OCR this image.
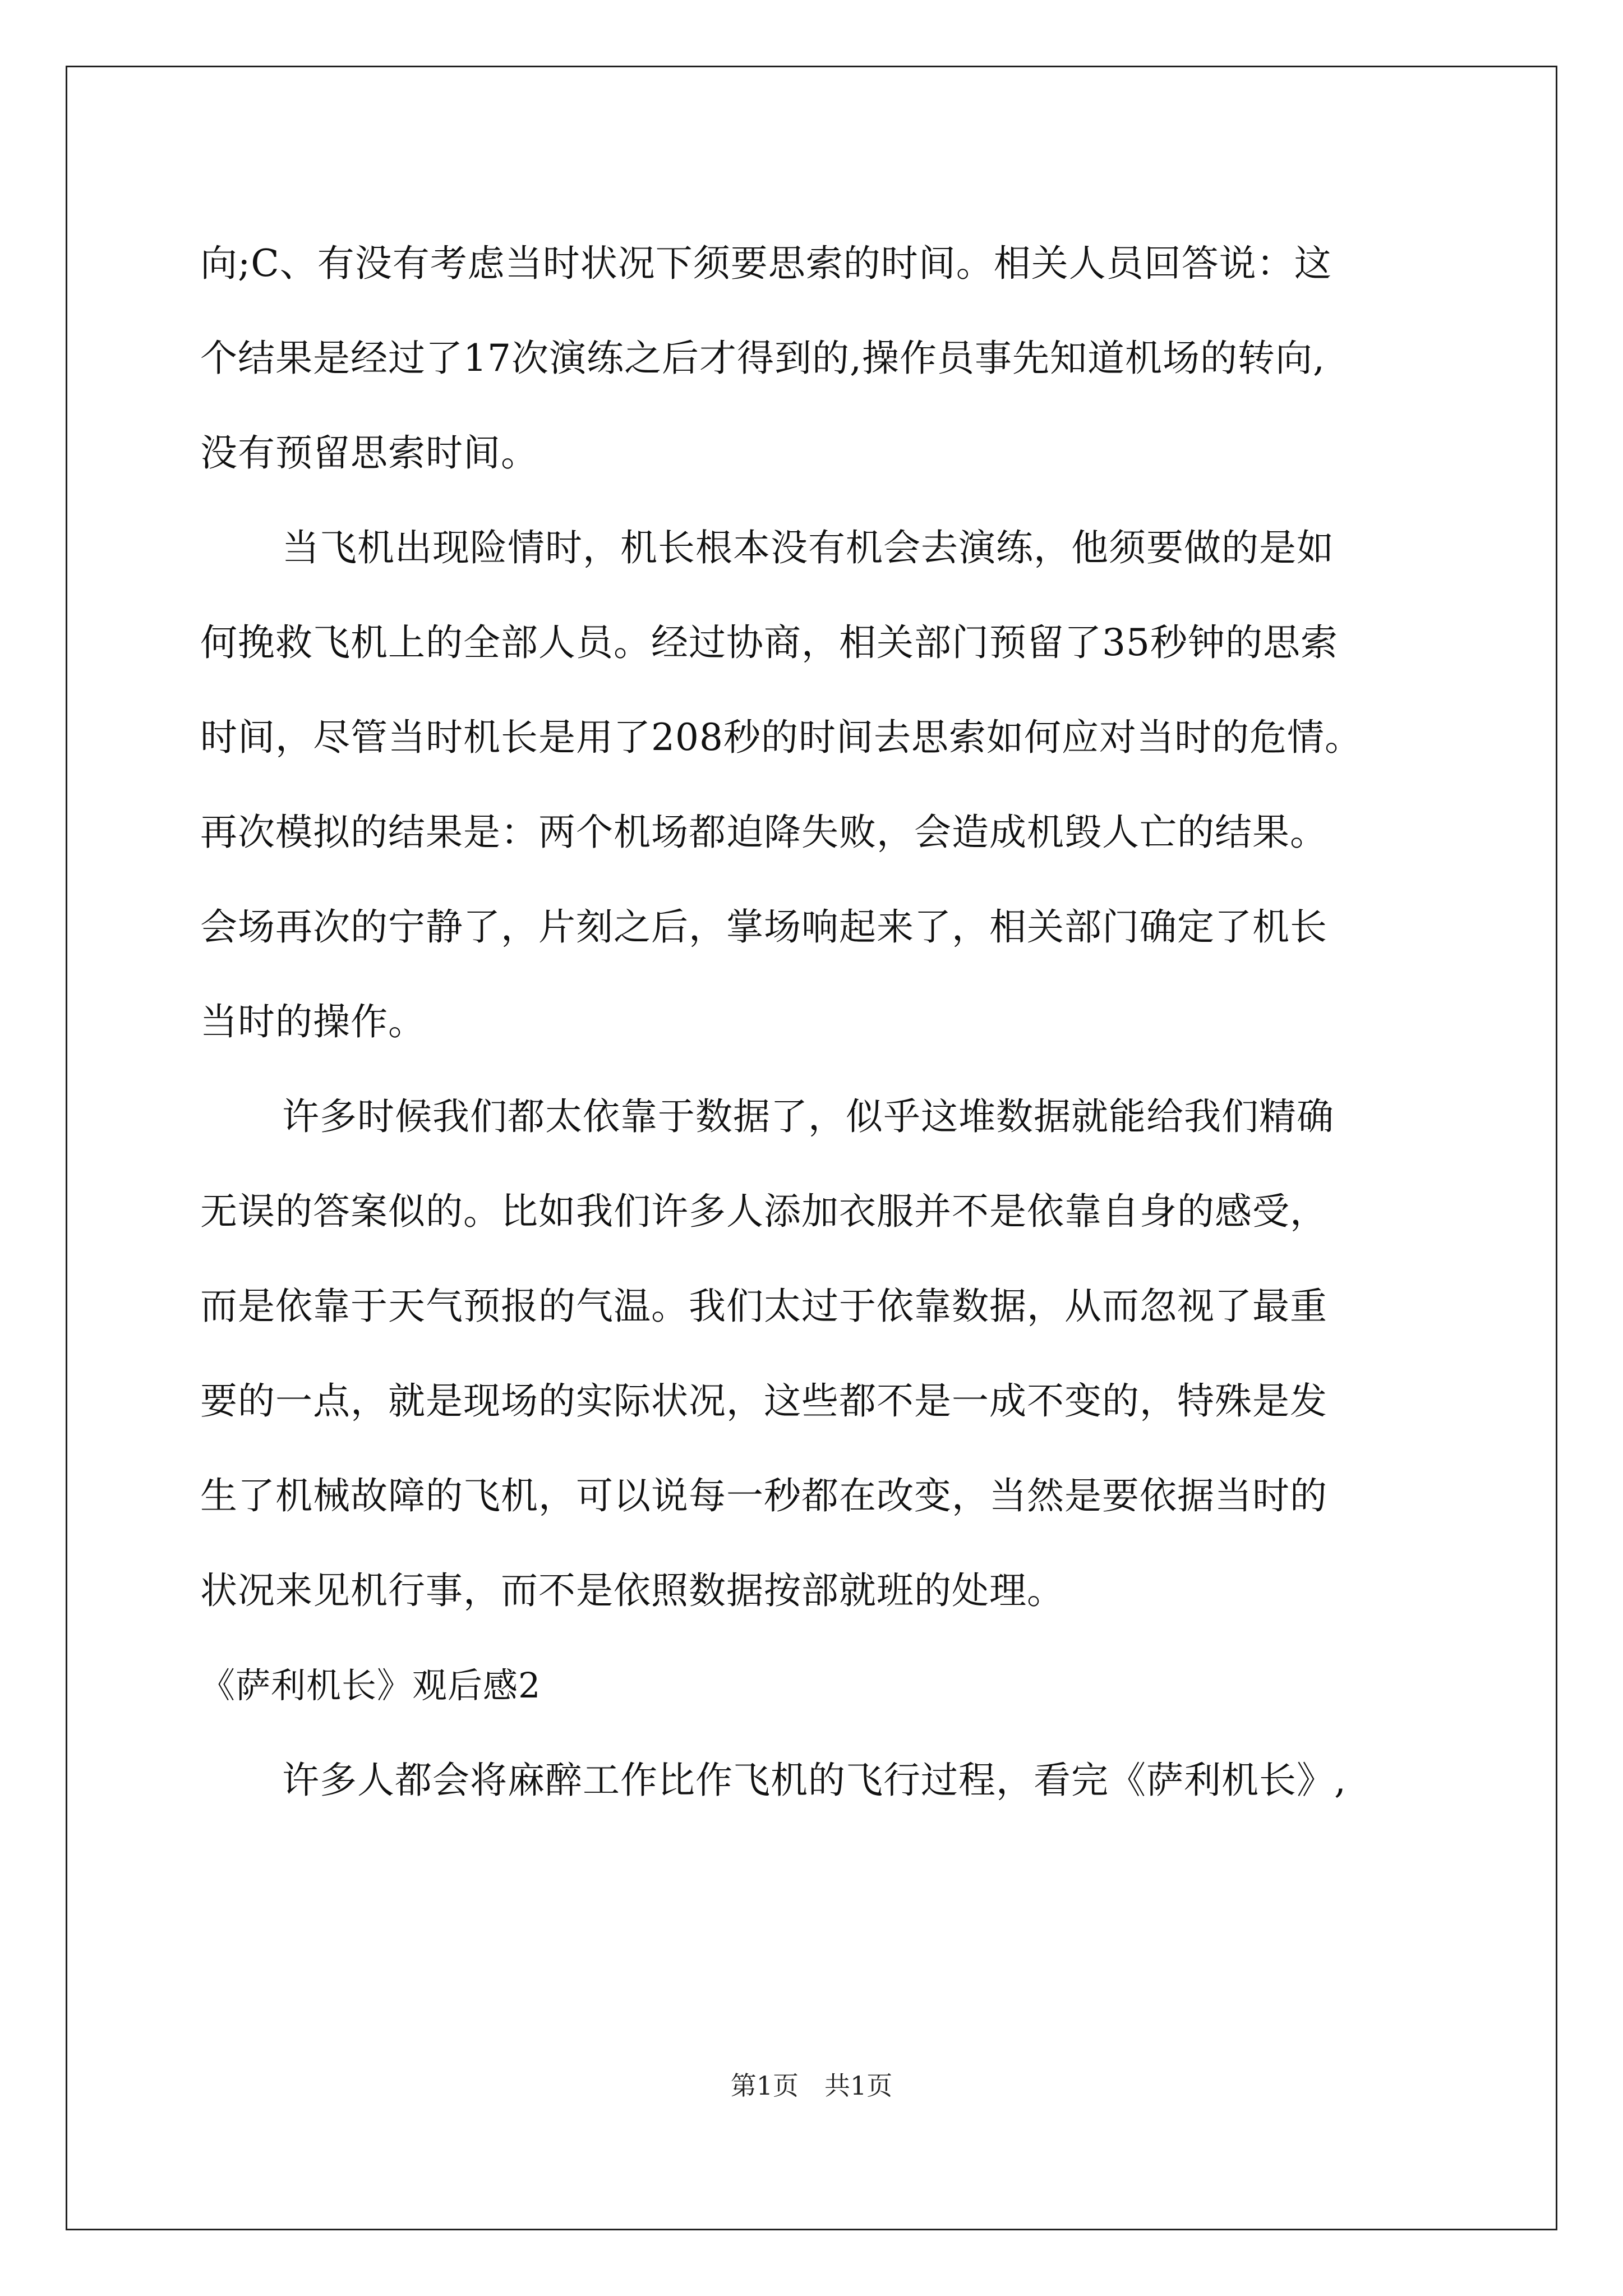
向;C、有没有考虑当时状况下须要思索的时间。相关人员回答说：这
个结果是经过了17次演练之后才得到的,操作员事先知道机场的转向,
没有预留思索时间。
当飞机出现险情时，机长根本没有机会去演练，他须要做的是如
何挽救飞机上的全部人员。经过协商，相关部门预留了35秒钟的思索
时间，尽管当时机长是用了208秒的时间去思索如何应对当时的危情。
再次模拟的结果是：两个机场都迫降失败，会造成机毁人亡的结果。
会场再次的宁静了，片刻之后，掌场响起来了，相关部门确定了机长
当时的操作。
许多时候我们都太依靠于数据了，似乎这堆数据就能给我们精确
无误的答案似的。比如我们许多人添加衣服并不是依靠自身的感受，
而是依靠于天气预报的气温。我们太过于依靠数据，从而忽视了最重
要的一点，就是现场的实际状况，这些都不是一成不变的，特殊是发
生了机械故障的飞机，可以说每一秒都在改变，当然是要依据当时的
状况来见机行事，而不是依照数据按部就班的处理。
《萨利机长》观后感2
许多人都会将麻醉工作比作飞机的飞行过程，看完《萨利机长》,
第1页　共1页
